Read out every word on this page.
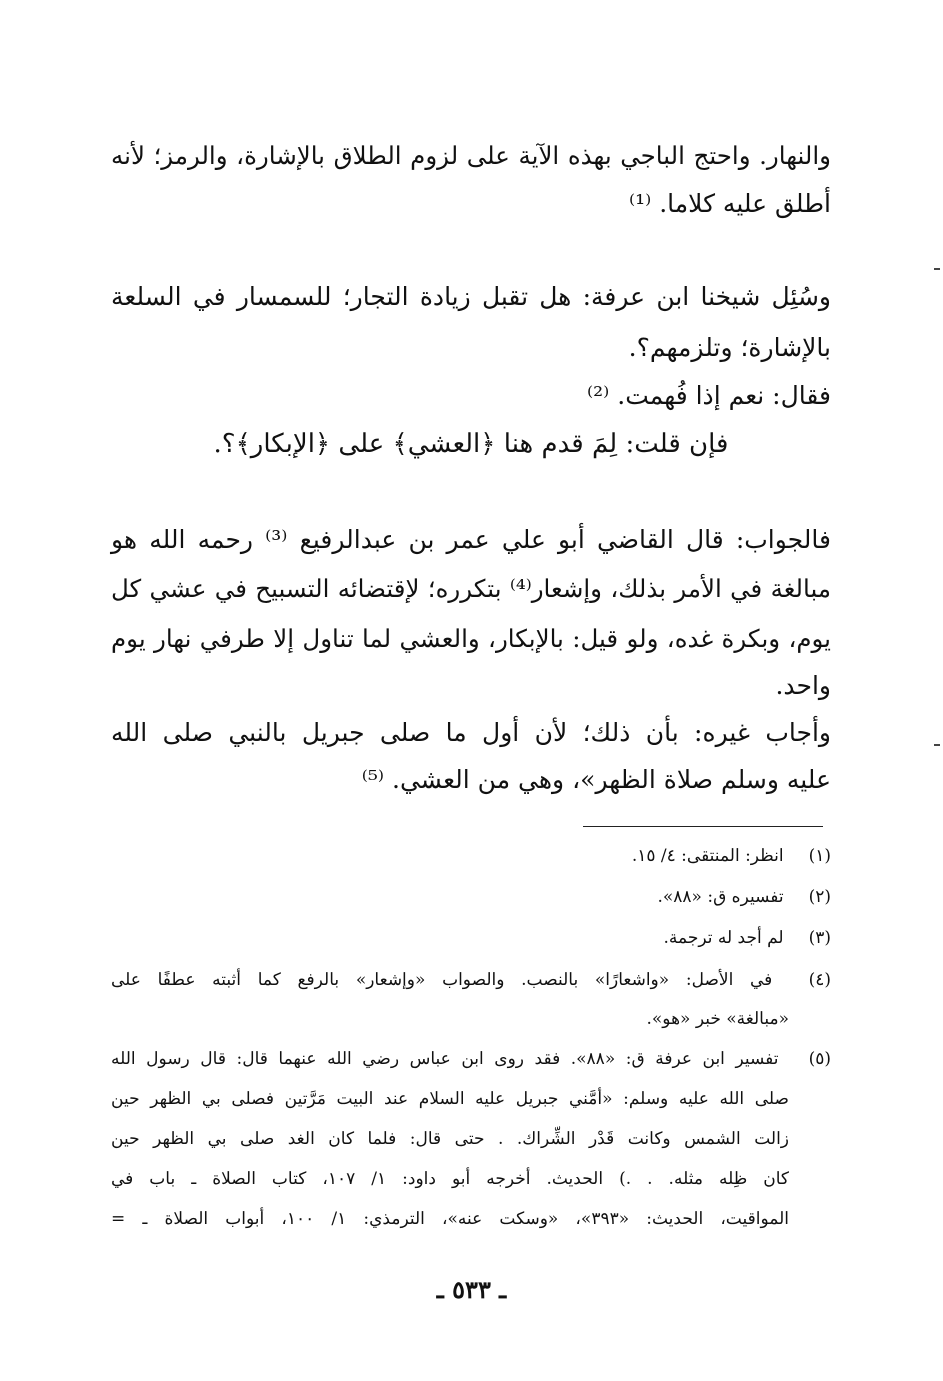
والنهار. واحتج الباجي بهذه الآية على لزوم الطلاق بالإشارة، والرمز؛ لأنه
أطلق عليه كلاما. ⁽¹⁾
وسُئِل شيخنا ابن عرفة: هل تقبل زيادة التجار؛ للسمسار في السلعة
بالإشارة؛ وتلزمهم؟.
فقال: نعم إذا فُهمت. ⁽²⁾
فإن قلت: لِمَ قدم هنا ﴿العشي﴾ على ﴿الإبكار﴾؟.
فالجواب: قال القاضي أبو علي عمر بن عبدالرفيع ⁽³⁾ رحمه الله هو
مبالغة في الأمر بذلك، وإشعار⁽⁴⁾ بتكرره؛ لإقتضائه التسبيح في عشي كل
يوم، وبكرة غده، ولو قيل: بالإبكار، والعشي لما تناول إلا طرفي نهار يوم
واحد.
وأجاب غيره: بأن ذلك؛ لأن أول ما صلى جبريل بالنبي صلى الله
عليه وسلم صلاة الظهر»، وهي من العشي. ⁽⁵⁾
(١) انظر: المنتقى: ٤/ ١٥.
(٢) تفسيره ق: «٨٨».
(٣) لم أجد له ترجمة.
(٤) في الأصل: «واشعارًا» بالنصب. والصواب «وإشعار» بالرفع كما أثبته عطفًا على
«مبالغة» خبر «هو».
(٥) تفسير ابن عرفة ق: «٨٨». فقد روى ابن عباس رضي الله عنهما قال: قال رسول الله
صلى الله عليه وسلم: «أمَّني جبريل عليه السلام عند البيت مَرَّتين فصلى بي الظهر حين
زالت الشمس وكانت قَدْر الشِّراك. . حتى قال: فلما كان الغد صلى بي الظهر حين
كان ظِله مثله. . .) الحديث. أخرجه أبو داود: ١/ ١٠٧، كتاب الصلاة ـ باب في
المواقيت، الحديث: «٣٩٣»، «وسكت عنه»، الترمذي: ١/ ١٠٠، أبواب الصلاة ـ =
ـ ٥٣٣ ـ
